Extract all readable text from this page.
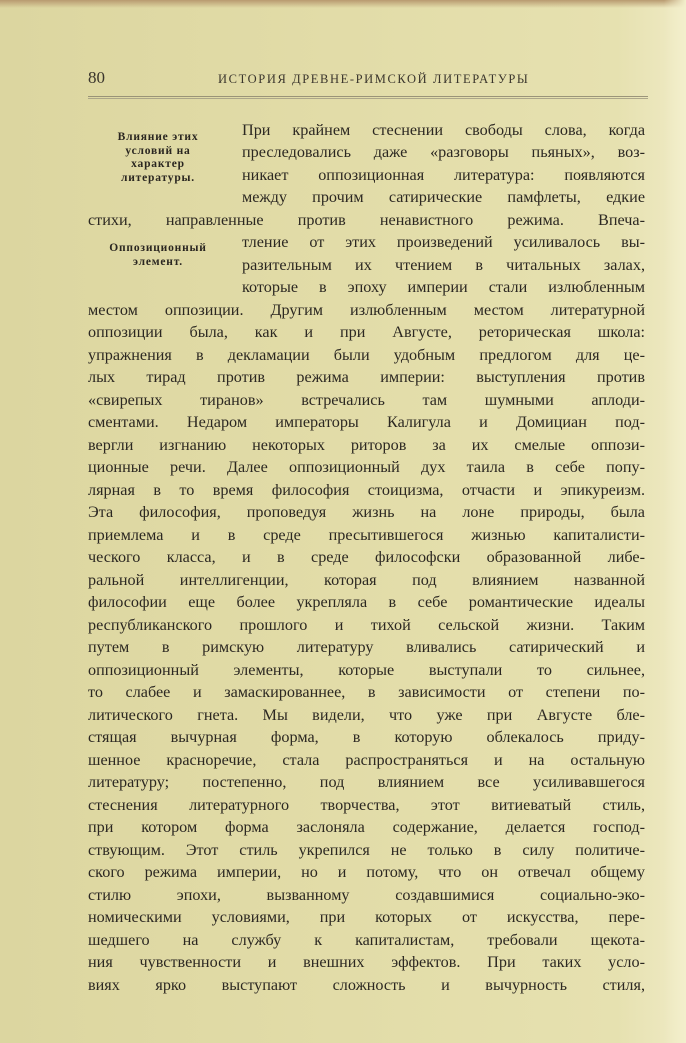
80	ИСТОРИЯ ДРЕВНЕ-РИМСКОЙ ЛИТЕРАТУРЫ
Влияние этих
условий на
характер
литературы.
Оппозиционный
элемент.
При крайнем стеснении свободы слова, когда
преследовались даже «разговоры пьяных», воз-
никает оппозиционная литература: появляются
между прочим сатирические памфлеты, едкие
стихи, направленные против ненавистного режима. Впеча-
тление от этих произведений усиливалось вы-
разительным их чтением в читальных залах,
которые в эпоху империи стали излюбленным
местом оппозиции. Другим излюбленным местом литературной
оппозиции была, как и при Августе, реторическая школа:
упражнения в декламации были удобным предлогом для це-
лых тирад против режима империи: выступления против
«свирепых тиранов» встречались там шумными аплоди-
сментами. Недаром императоры Калигула и Домициан под-
вергли изгнанию некоторых риторов за их смелые оппози-
ционные речи. Далее оппозиционный дух таила в себе попу-
лярная в то время философия стоицизма, отчасти и эпикуреизм.
Эта философия, проповедуя жизнь на лоне природы, была
приемлема и в среде пресытившегося жизнью капиталисти-
ческого класса, и в среде философски образованной либе-
ральной интеллигенции, которая под влиянием названной
философии еще более укрепляла в себе романтические идеалы
республиканского прошлого и тихой сельской жизни. Таким
путем в римскую литературу вливались сатирический и
оппозиционный элементы, которые выступали то сильнее,
то слабее и замаскированнее, в зависимости от степени по-
литического гнета. Мы видели, что уже при Августе бле-
стящая вычурная форма, в которую облекалось приду-
шенное красноречие, стала распространяться и на остальную
литературу; постепенно, под влиянием все усиливавшегося
стеснения литературного творчества, этот витиеватый стиль,
при котором форма заслоняла содержание, делается господ-
ствующим. Этот стиль укрепился не только в силу политиче-
ского режима империи, но и потому, что он отвечал общему
стилю эпохи, вызванному создавшимися социально-эко-
номическими условиями, при которых от искусства, пере-
шедшего на службу к капиталистам, требовали щекота-
ния чувственности и внешних эффектов. При таких усло-
виях ярко выступают сложность и вычурность стиля,
